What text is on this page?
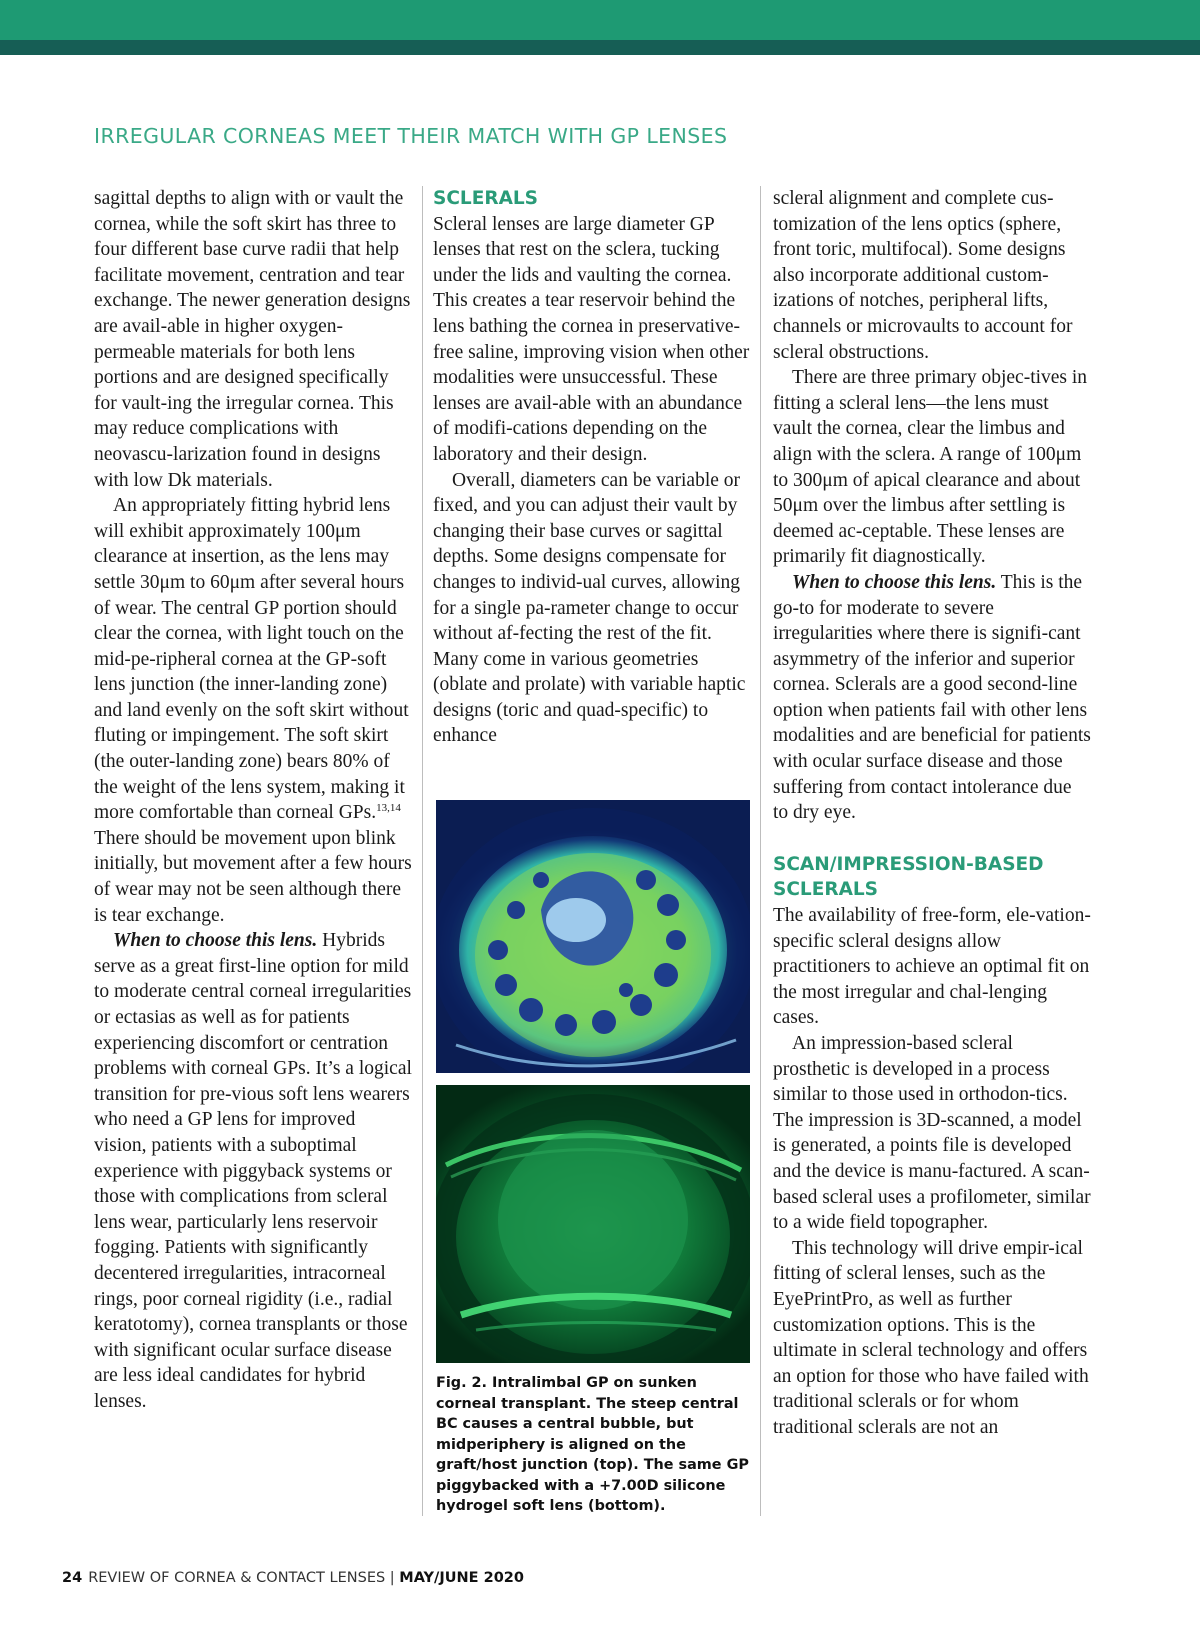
IRREGULAR CORNEAS MEET THEIR MATCH WITH GP LENSES

sagittal depths to align with or vault the cornea, while the soft skirt has three to four different base curve radii that help facilitate movement, centration and tear exchange. The newer generation designs are avail-able in higher oxygen-permeable materials for both lens portions and are designed specifically for vault-ing the irregular cornea. This may reduce complications with neovascu-larization found in designs with low Dk materials.

An appropriately fitting hybrid lens will exhibit approximately 100μm clearance at insertion, as the lens may settle 30μm to 60μm after several hours of wear. The central GP portion should clear the cornea, with light touch on the mid-pe-ripheral cornea at the GP-soft lens junction (the inner-landing zone) and land evenly on the soft skirt without fluting or impingement. The soft skirt (the outer-landing zone) bears 80% of the weight of the lens system, making it more comfortable than corneal GPs.$^{13,14}$ There should be movement upon blink initially, but movement after a few hours of wear may not be seen although there is tear exchange.

When to choose this lens. Hybrids serve as a great first-line option for mild to moderate central corneal irregularities or ectasias as well as for patients experiencing discomfort or centration problems with corneal GPs. It’s a logical transition for pre-vious soft lens wearers who need a GP lens for improved vision, patients with a suboptimal experience with piggyback systems or those with complications from scleral lens wear, particularly lens reservoir fogging. Patients with significantly decentered irregularities, intracorneal rings, poor corneal rigidity (i.e., radial keratotomy), cornea transplants or those with significant ocular surface disease are less ideal candidates for hybrid lenses.

SCLERALS

Scleral lenses are large diameter GP lenses that rest on the sclera, tucking under the lids and vaulting the cornea. This creates a tear reservoir behind the lens bathing the cornea in preservative-free saline, improving vision when other modalities were unsuccessful. These lenses are avail-able with an abundance of modifi-cations depending on the laboratory and their design.

Overall, diameters can be variable or fixed, and you can adjust their vault by changing their base curves or sagittal depths. Some designs compensate for changes to individ-ual curves, allowing for a single pa-rameter change to occur without af-fecting the rest of the fit. Many come in various geometries (oblate and prolate) with variable haptic designs (toric and quad-specific) to enhance

Fig. 2. Intralimbal GP on sunken corneal transplant. The steep central BC causes a central bubble, but midperiphery is aligned on the graft/host junction (top). The same GP piggybacked with a +7.00D silicone hydrogel soft lens (bottom).

scleral alignment and complete cus-tomization of the lens optics (sphere, front toric, multifocal). Some designs also incorporate additional custom-izations of notches, peripheral lifts, channels or microvaults to account for scleral obstructions.

There are three primary objec-tives in fitting a scleral lens—the lens must vault the cornea, clear the limbus and align with the sclera. A range of 100μm to 300μm of apical clearance and about 50μm over the limbus after settling is deemed ac-ceptable. These lenses are primarily fit diagnostically.

When to choose this lens. This is the go-to for moderate to severe irregularities where there is signifi-cant asymmetry of the inferior and superior cornea. Sclerals are a good second-line option when patients fail with other lens modalities and are beneficial for patients with ocular surface disease and those suffering from contact intolerance due to dry eye.

SCAN/IMPRESSION-BASED SCLERALS

The availability of free-form, ele-vation-specific scleral designs allow practitioners to achieve an optimal fit on the most irregular and chal-lenging cases.

An impression-based scleral prosthetic is developed in a process similar to those used in orthodon-tics. The impression is 3D-scanned, a model is generated, a points file is developed and the device is manu-factured. A scan-based scleral uses a profilometer, similar to a wide field topographer.

This technology will drive empir-ical fitting of scleral lenses, such as the EyePrintPro, as well as further customization options. This is the ultimate in scleral technology and offers an option for those who have failed with traditional sclerals or for whom traditional sclerals are not an

24 REVIEW OF CORNEA & CONTACT LENSES | MAY/JUNE 2020
